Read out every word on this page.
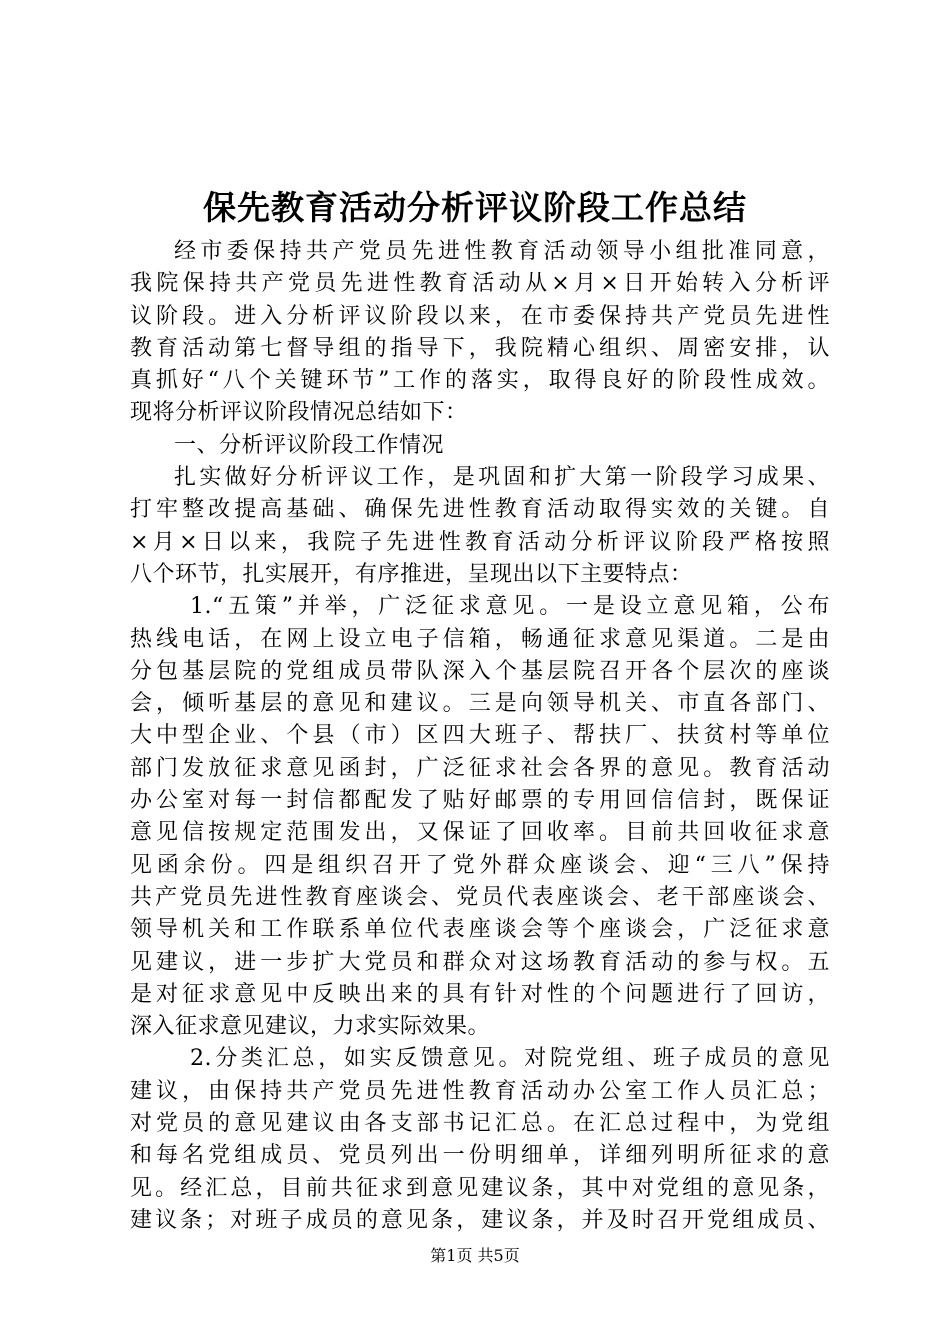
保先教育活动分析评议阶段工作总结
经市委保持共产党员先进性教育活动领导小组批准同意，
我院保持共产党员先进性教育活动从×月×日开始转入分析评
议阶段。进入分析评议阶段以来，在市委保持共产党员先进性
教育活动第七督导组的指导下，我院精心组织、周密安排，认
真抓好“八个关键环节”工作的落实，取得良好的阶段性成效。
现将分析评议阶段情况总结如下：
一、分析评议阶段工作情况
扎实做好分析评议工作，是巩固和扩大第一阶段学习成果、
打牢整改提高基础、确保先进性教育活动取得实效的关键。自
×月×日以来，我院子先进性教育活动分析评议阶段严格按照
八个环节，扎实展开，有序推进，呈现出以下主要特点：
1.“五策”并举，广泛征求意见。一是设立意见箱，公布
热线电话，在网上设立电子信箱，畅通征求意见渠道。二是由
分包基层院的党组成员带队深入个基层院召开各个层次的座谈
会，倾听基层的意见和建议。三是向领导机关、市直各部门、
大中型企业、个县（市）区四大班子、帮扶厂、扶贫村等单位
部门发放征求意见函封，广泛征求社会各界的意见。教育活动
办公室对每一封信都配发了贴好邮票的专用回信信封，既保证
意见信按规定范围发出，又保证了回收率。目前共回收征求意
见函余份。四是组织召开了党外群众座谈会、迎“三八”保持
共产党员先进性教育座谈会、党员代表座谈会、老干部座谈会、
领导机关和工作联系单位代表座谈会等个座谈会，广泛征求意
见建议，进一步扩大党员和群众对这场教育活动的参与权。五
是对征求意见中反映出来的具有针对性的个问题进行了回访，
深入征求意见建议，力求实际效果。
2.分类汇总，如实反馈意见。对院党组、班子成员的意见
建议，由保持共产党员先进性教育活动办公室工作人员汇总；
对党员的意见建议由各支部书记汇总。在汇总过程中，为党组
和每名党组成员、党员列出一份明细单，详细列明所征求的意
见。经汇总，目前共征求到意见建议条，其中对党组的意见条，
建议条；对班子成员的意见条，建议条，并及时召开党组成员、
第1页 共5页
